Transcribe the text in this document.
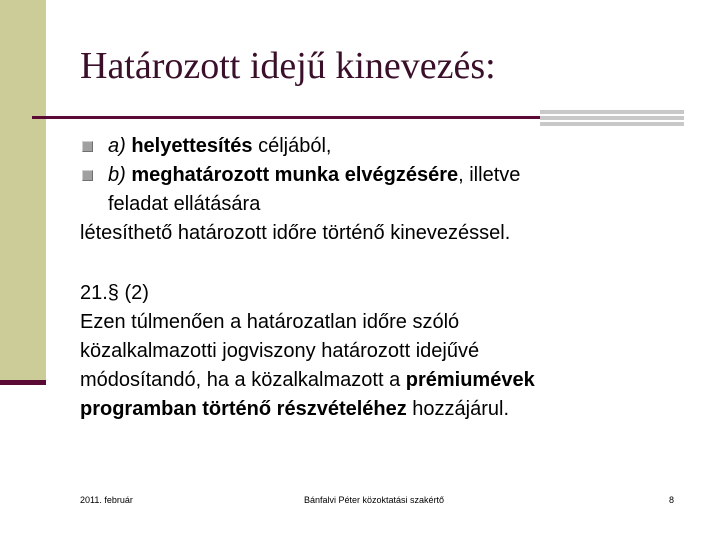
Határozott idejű kinevezés:
a) helyettesítés céljából,
b) meghatározott munka elvégzésére, illetve
feladat ellátására

létesíthető határozott időre történő kinevezéssel.

21.§ (2)

Ezen túlmenően a határozatlan időre szóló
közalkalmazotti jogviszony határozott idejűvé
módosítandó, ha a közalkalmazott a prémiumévek
programban történő részvételéhez hozzájárul.

2011. február	Bánfalvi Péter közoktatási szakértő	8
